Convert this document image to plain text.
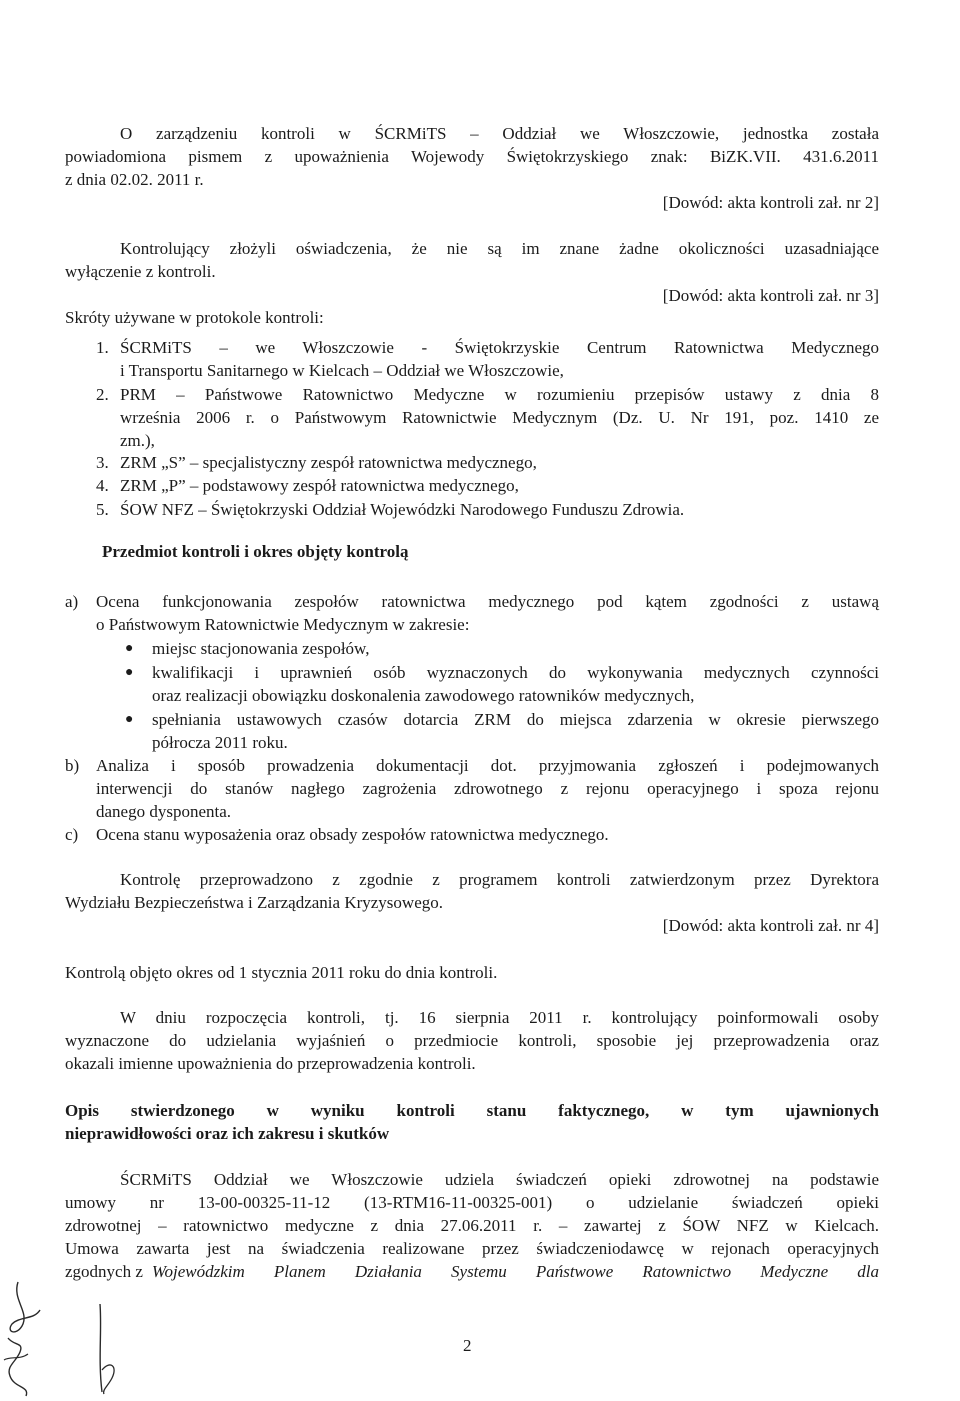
O zarządzeniu kontroli w ŚCRMiTS – Oddział we Włoszczowie, jednostka została
powiadomiona pismem z upoważnienia Wojewody Świętokrzyskiego znak: BiZK.VII. 431.6.2011
z dnia 02.02. 2011 r.
[Dowód: akta kontroli zał. nr 2]
Kontrolujący złożyli oświadczenia, że nie są im znane żadne okoliczności uzasadniające
wyłączenie z kontroli.
[Dowód: akta kontroli zał. nr 3]
Skróty używane w protokole kontroli:
1. ŚCRMiTS – we Włoszczowie - Świętokrzyskie Centrum Ratownictwa Medycznego
i Transportu Sanitarnego w Kielcach – Oddział we Włoszczowie,
2. PRM – Państwowe Ratownictwo Medyczne w rozumieniu przepisów ustawy z dnia 8
września 2006 r. o Państwowym Ratownictwie Medycznym (Dz. U. Nr 191, poz. 1410 ze
zm.),
3. ZRM „S” – specjalistyczny zespół ratownictwa medycznego,
4. ZRM „P” – podstawowy zespół ratownictwa medycznego,
5. ŚOW NFZ – Świętokrzyski Oddział Wojewódzki Narodowego Funduszu Zdrowia.
Przedmiot kontroli i okres objęty kontrolą
a) Ocena funkcjonowania zespołów ratownictwa medycznego pod kątem zgodności z ustawą
o Państwowym Ratownictwie Medycznym w zakresie:
● miejsc stacjonowania zespołów,
● kwalifikacji i uprawnień osób wyznaczonych do wykonywania medycznych czynności
oraz realizacji obowiązku doskonalenia zawodowego ratowników medycznych,
● spełniania ustawowych czasów dotarcia ZRM do miejsca zdarzenia w okresie pierwszego
półrocza 2011 roku.
b) Analiza i sposób prowadzenia dokumentacji dot. przyjmowania zgłoszeń i podejmowanych
interwencji do stanów nagłego zagrożenia zdrowotnego z rejonu operacyjnego i spoza rejonu
danego dysponenta.
c) Ocena stanu wyposażenia oraz obsady zespołów ratownictwa medycznego.
Kontrolę przeprowadzono z zgodnie z programem kontroli zatwierdzonym przez Dyrektora
Wydziału Bezpieczeństwa i Zarządzania Kryzysowego.
[Dowód: akta kontroli zał. nr 4]
Kontrolą objęto okres od 1 stycznia 2011 roku do dnia kontroli.
W dniu rozpoczęcia kontroli, tj. 16 sierpnia 2011 r. kontrolujący poinformowali osoby
wyznaczone do udzielania wyjaśnień o przedmiocie kontroli, sposobie jej przeprowadzenia oraz
okazali imienne upoważnienia do przeprowadzenia kontroli.
Opis stwierdzonego w wyniku kontroli stanu faktycznego, w tym ujawnionych
nieprawidłowości oraz ich zakresu i skutków
ŚCRMiTS Oddział we Włoszczowie udziela świadczeń opieki zdrowotnej na podstawie
umowy nr 13-00-00325-11-12 (13-RTM16-11-00325-001) o udzielanie świadczeń opieki
zdrowotnej – ratownictwo medyczne z dnia 27.06.2011 r. – zawartej z ŚOW NFZ w Kielcach.
Umowa zawarta jest na świadczenia realizowane przez świadczeniodawcę w rejonach operacyjnych
zgodnych z Wojewódzkim Planem Działania Systemu Państwowe Ratownictwo Medyczne dla
2
